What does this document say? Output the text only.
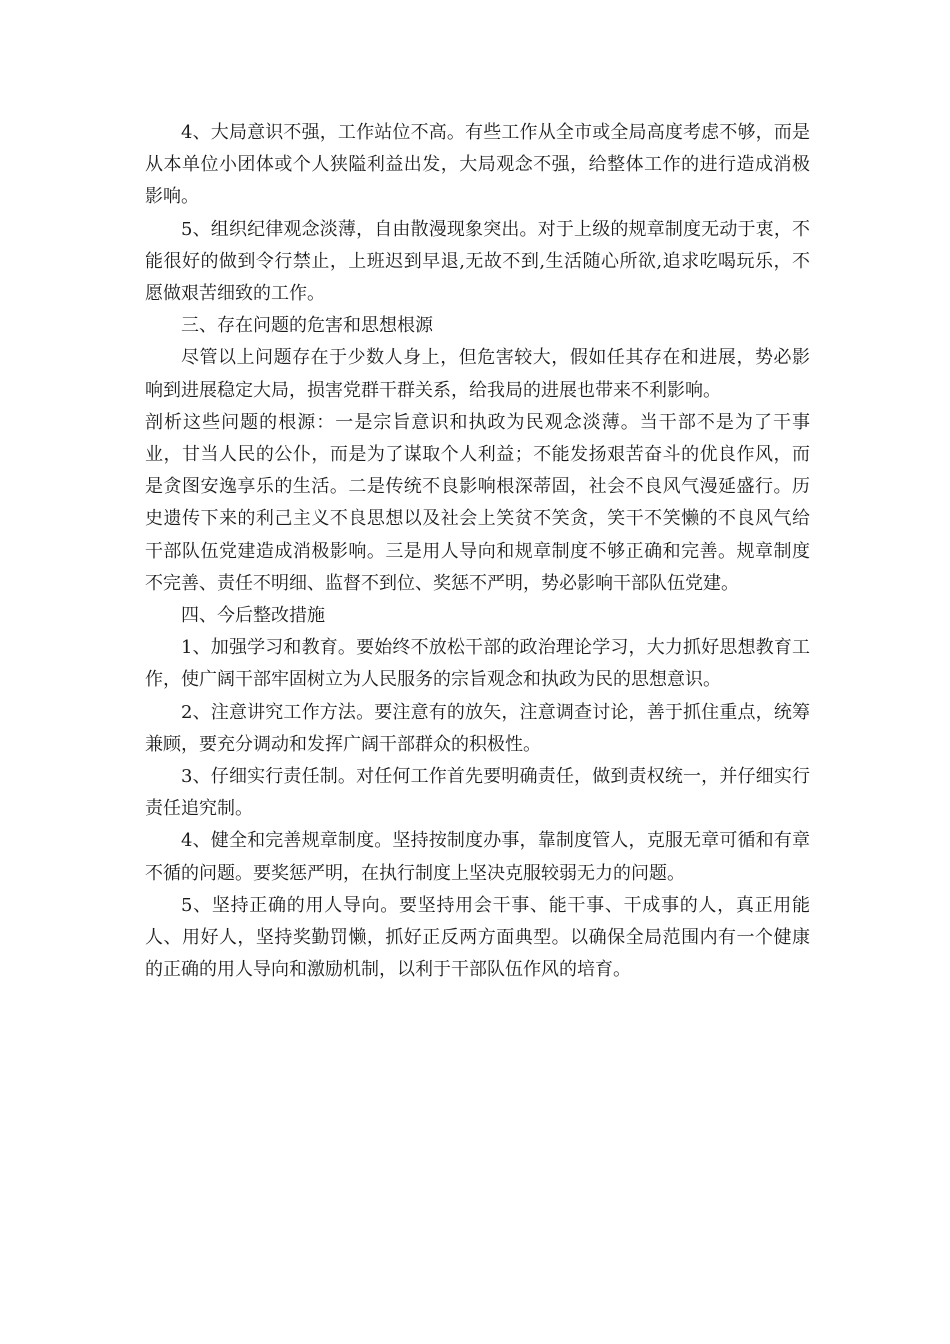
4、大局意识不强，工作站位不高。有些工作从全市或全局高度考虑不够，而是从本单位小团体或个人狭隘利益出发，大局观念不强，给整体工作的进行造成消极影响。

5、组织纪律观念淡薄，自由散漫现象突出。对于上级的规章制度无动于衷，不能很好的做到令行禁止，上班迟到早退,无故不到,生活随心所欲,追求吃喝玩乐，不愿做艰苦细致的工作。

三、存在问题的危害和思想根源

尽管以上问题存在于少数人身上，但危害较大，假如任其存在和进展，势必影响到进展稳定大局，损害党群干群关系，给我局的进展也带来不利影响。

剖析这些问题的根源：一是宗旨意识和执政为民观念淡薄。当干部不是为了干事业，甘当人民的公仆，而是为了谋取个人利益；不能发扬艰苦奋斗的优良作风，而是贪图安逸享乐的生活。二是传统不良影响根深蒂固，社会不良风气漫延盛行。历史遗传下来的利己主义不良思想以及社会上笑贫不笑贪，笑干不笑懒的不良风气给干部队伍党建造成消极影响。三是用人导向和规章制度不够正确和完善。规章制度不完善、责任不明细、监督不到位、奖惩不严明，势必影响干部队伍党建。

四、今后整改措施

1、加强学习和教育。要始终不放松干部的政治理论学习，大力抓好思想教育工作，使广阔干部牢固树立为人民服务的宗旨观念和执政为民的思想意识。

2、注意讲究工作方法。要注意有的放矢，注意调查讨论，善于抓住重点，统筹兼顾，要充分调动和发挥广阔干部群众的积极性。

3、仔细实行责任制。对任何工作首先要明确责任，做到责权统一，并仔细实行责任追究制。

4、健全和完善规章制度。坚持按制度办事，靠制度管人，克服无章可循和有章不循的问题。要奖惩严明，在执行制度上坚决克服较弱无力的问题。

5、坚持正确的用人导向。要坚持用会干事、能干事、干成事的人，真正用能人、用好人，坚持奖勤罚懒，抓好正反两方面典型。以确保全局范围内有一个健康的正确的用人导向和激励机制，以利于干部队伍作风的培育。
